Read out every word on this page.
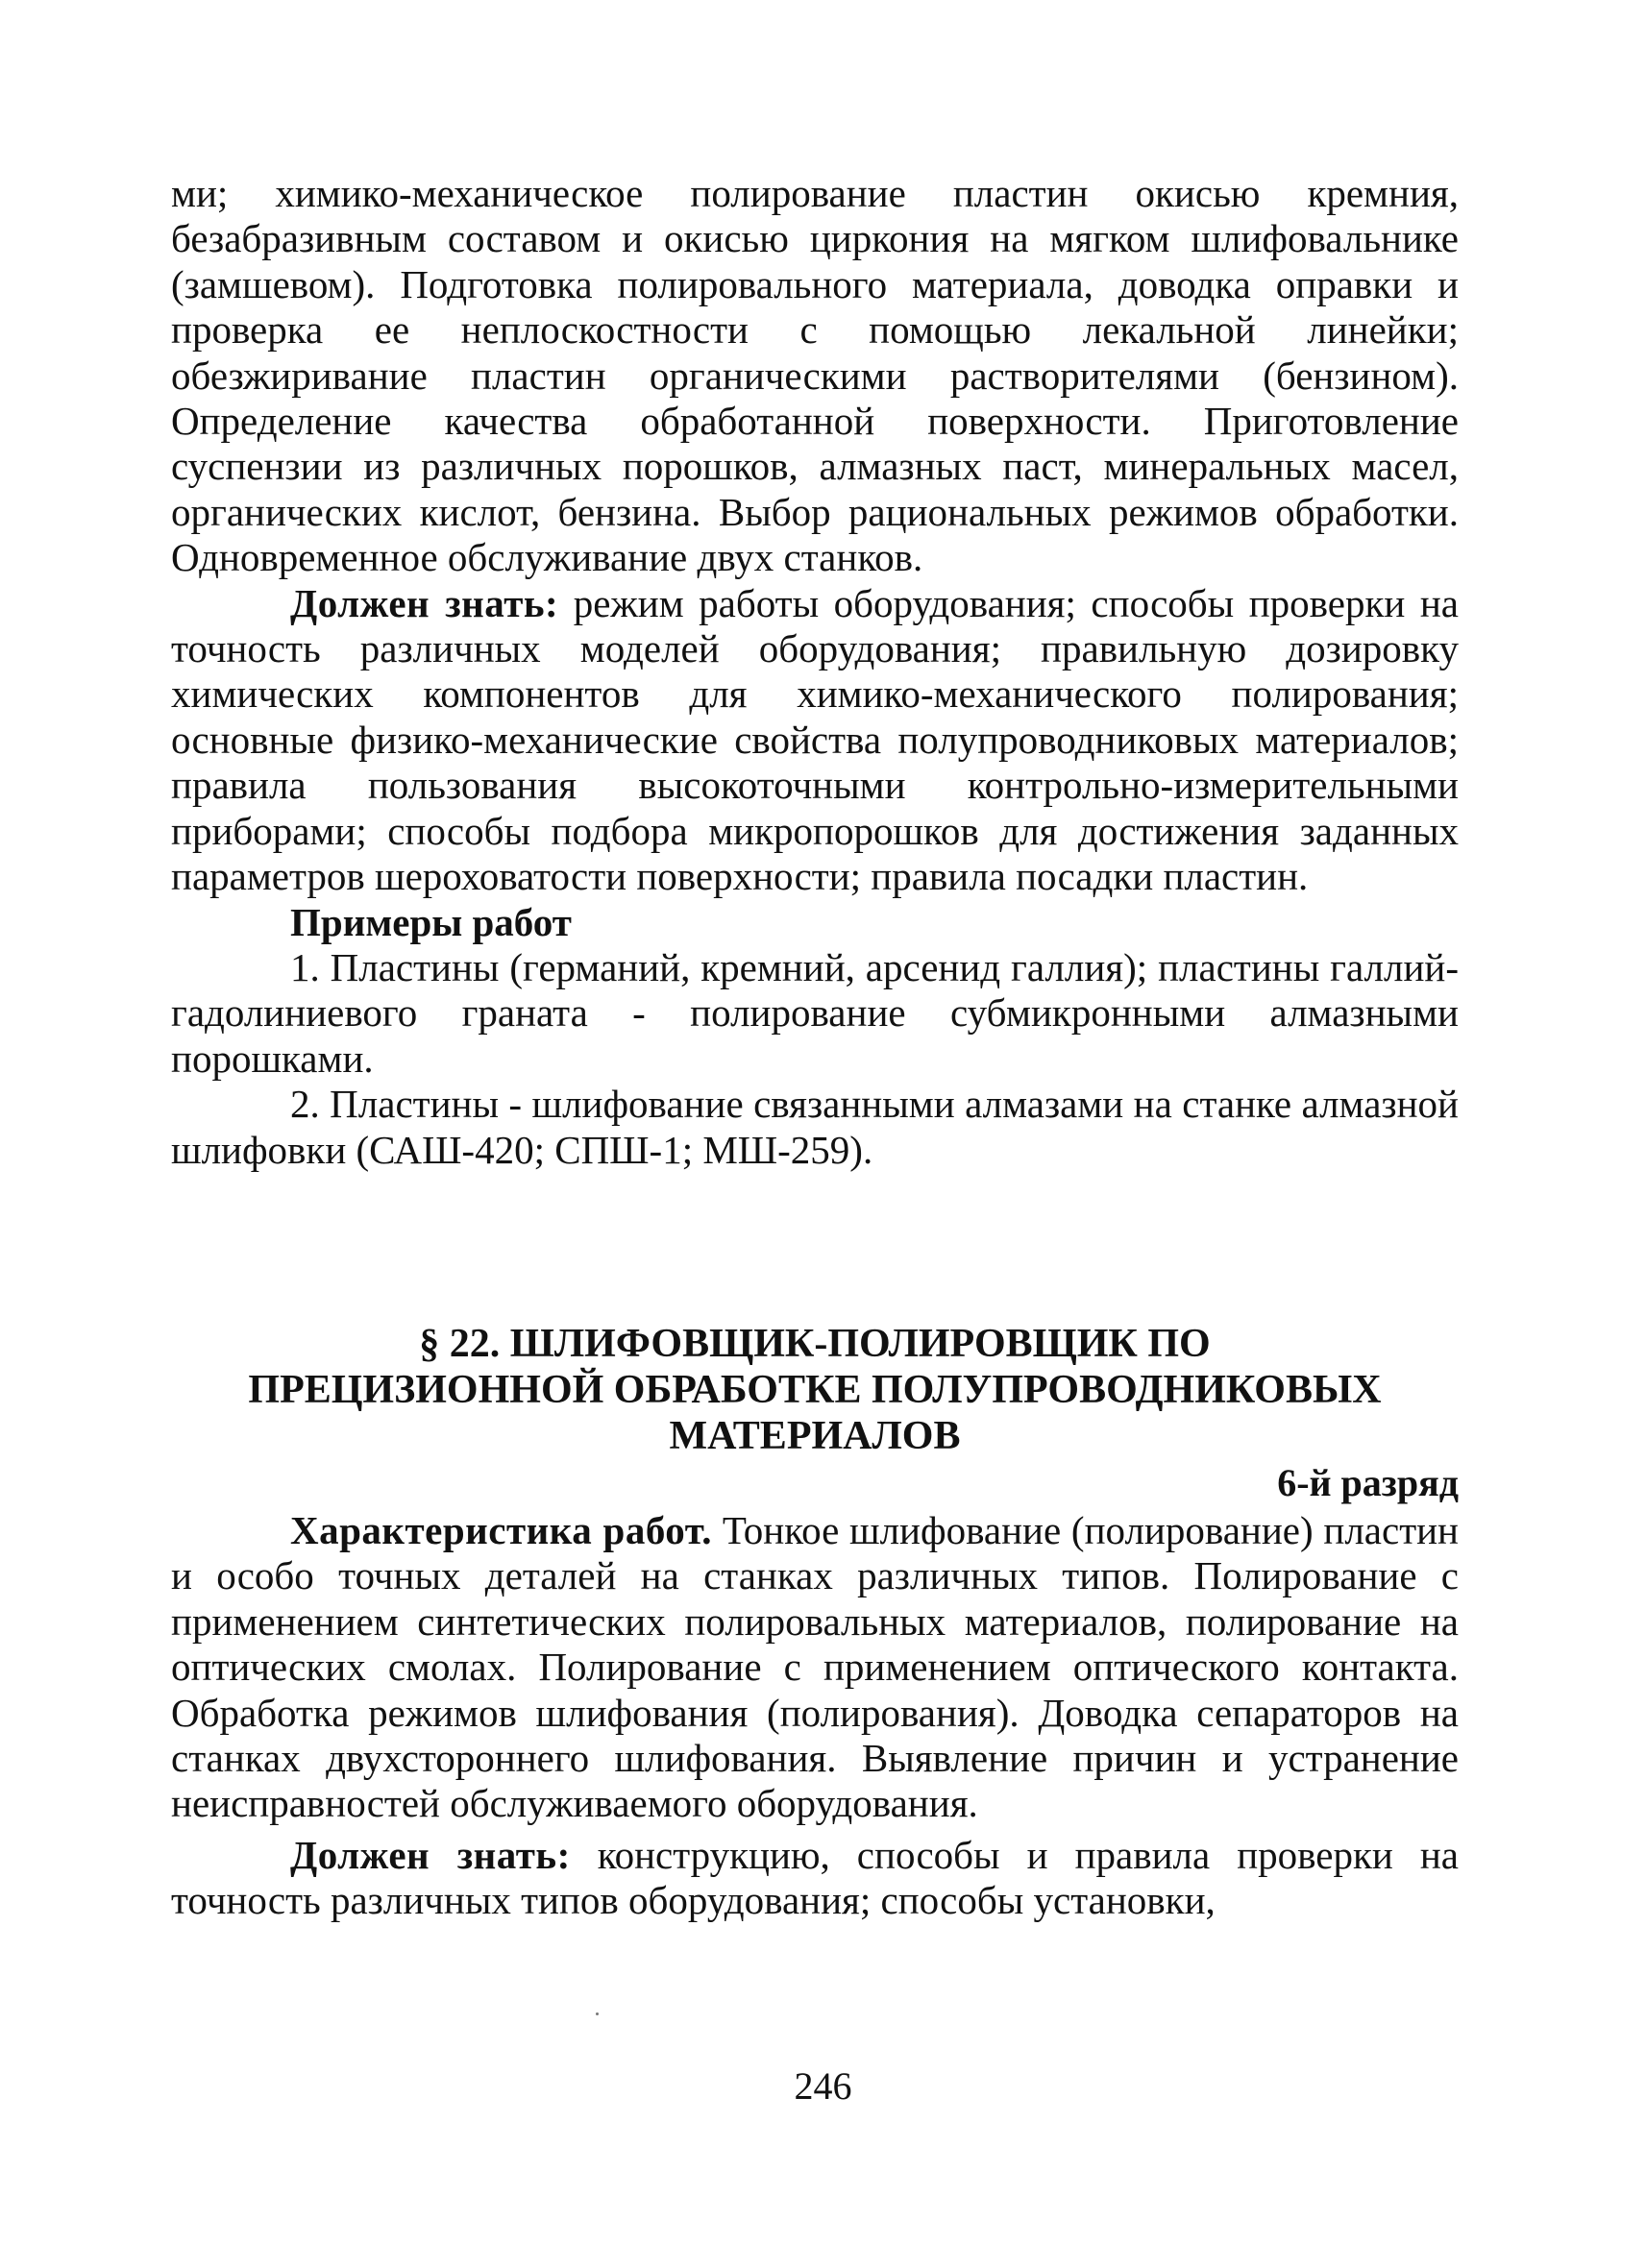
ми; химико-механическое полирование пластин окисью кремния, безабразивным составом и окисью циркония на мягком шлифовальнике (замшевом). Подготовка полировального материала, доводка оправки и проверка ее неплоскостности с помощью лекальной линейки; обезжиривание пластин органическими растворителями (бензином). Определение качества обработанной поверхности. Приготовление суспензии из различных порошков, алмазных паст, минеральных масел, органических кислот, бензина. Выбор рациональных режимов обработки. Одновременное обслуживание двух станков.

Должен знать: режим работы оборудования; способы проверки на точность различных моделей оборудования; правильную дозировку химических компонентов для химико-механического полирования; основные физико-механические свойства полупроводниковых материалов; правила пользования высокоточными контрольно-измерительными приборами; способы подбора микропорошков для достижения заданных параметров шероховатости поверхности; правила посадки пластин.

Примеры работ

1. Пластины (германий, кремний, арсенид галлия); пластины галлий-гадолиниевого граната - полирование субмикронными алмазными порошками.

2. Пластины - шлифование связанными алмазами на станке алмазной шлифовки (САШ-420; СПШ-1; МШ-259).

§ 22. ШЛИФОВЩИК-ПОЛИРОВЩИК ПО
ПРЕЦИЗИОННОЙ ОБРАБОТКЕ ПОЛУПРОВОДНИКОВЫХ
МАТЕРИАЛОВ

6-й разряд

Характеристика работ. Тонкое шлифование (полирование) пластин и особо точных деталей на станках различных типов. Полирование с применением синтетических полировальных материалов, полирование на оптических смолах. Полирование с применением оптического контакта. Обработка режимов шлифования (полирования). Доводка сепараторов на станках двухстороннего шлифования. Выявление причин и устранение неисправностей обслуживаемого оборудования.

Должен знать: конструкцию, способы и правила проверки на точность различных типов оборудования; способы установки,

246
